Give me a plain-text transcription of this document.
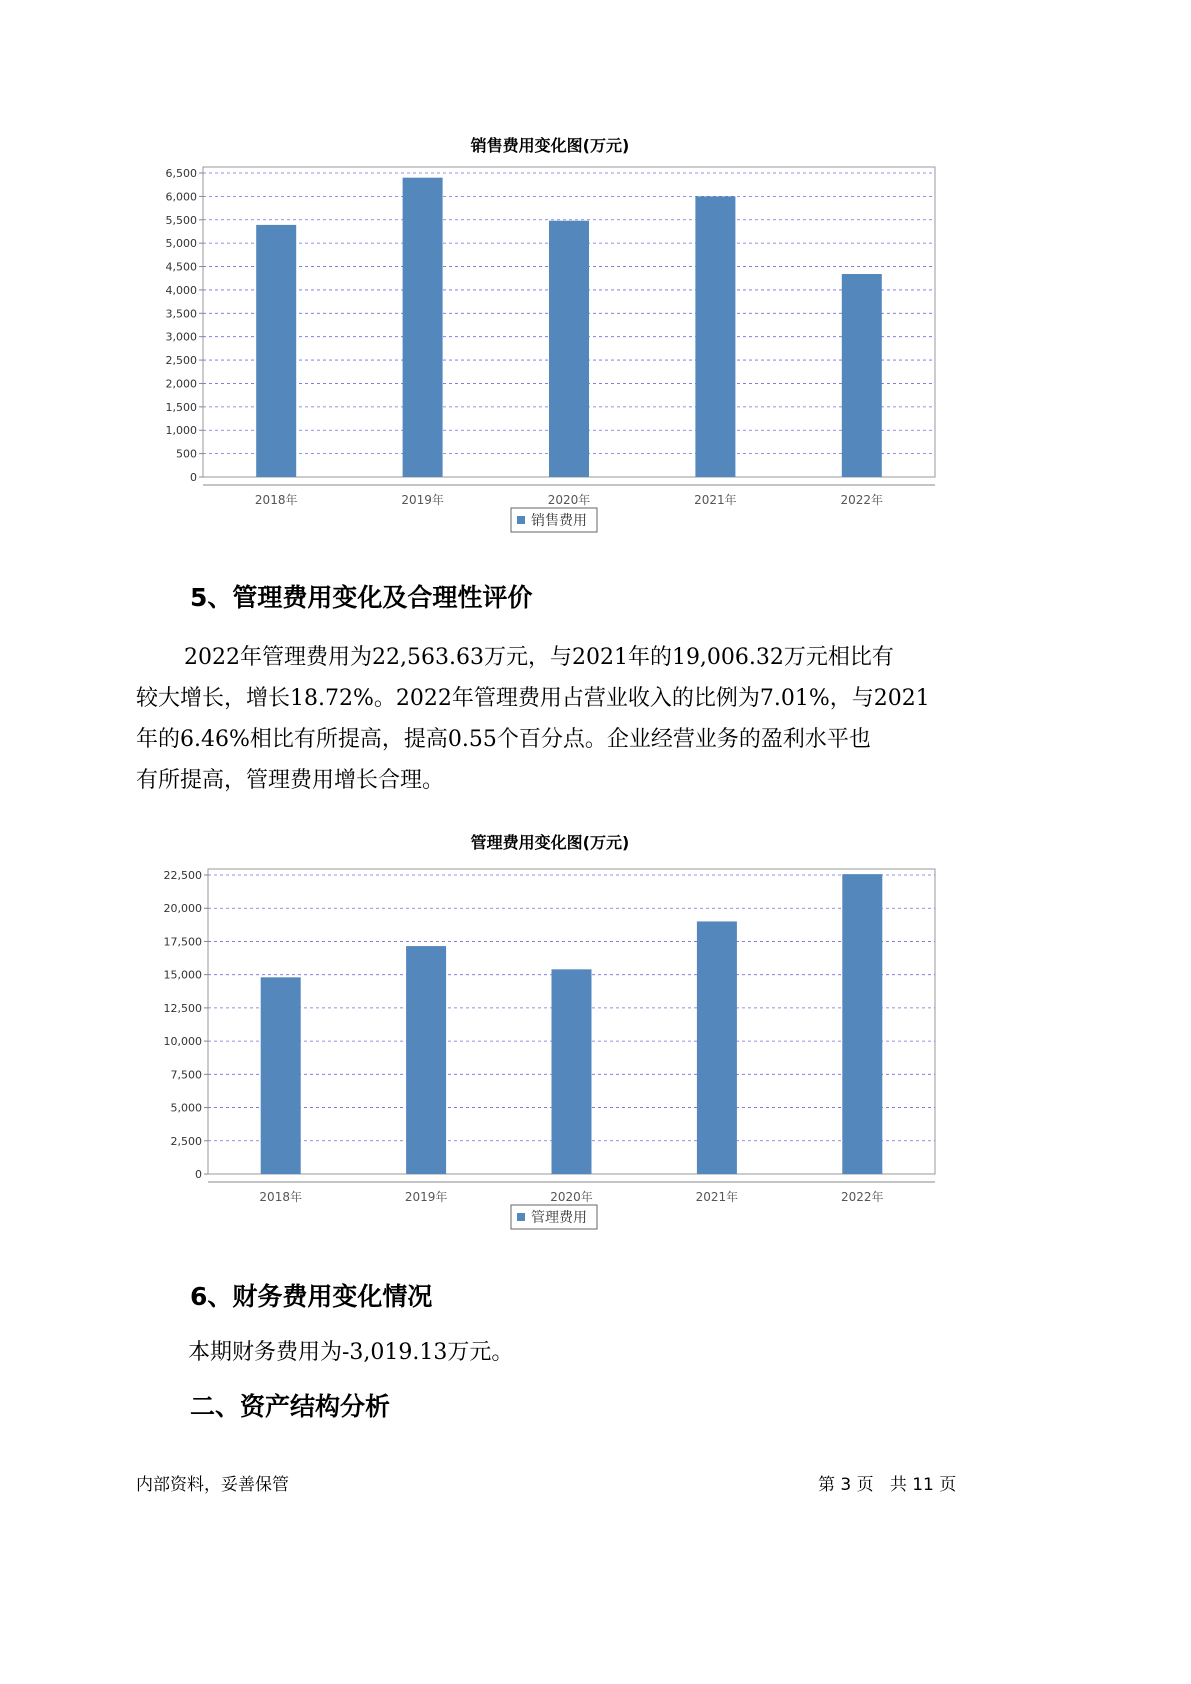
销售费用变化图(万元)
0
500
1,000
1,500
2,000
2,500
3,000
3,500
4,000
4,500
5,000
5,500
6,000
6,500
2018年	2019年	2020年	2021年	2022年
销售费用
5、管理费用变化及合理性评价
2022年管理费用为22,563.63万元，与2021年的19,006.32万元相比有
较大增长，增长18.72%。2022年管理费用占营业收入的比例为7.01%，与2021
年的6.46%相比有所提高，提高0.55个百分点。企业经营业务的盈利水平也
有所提高，管理费用增长合理。
管理费用变化图(万元)
0
2,500
5,000
7,500
10,000
12,500
15,000
17,500
20,000
22,500
2018年	2019年	2020年	2021年	2022年
管理费用
6、财务费用变化情况
本期财务费用为-3,019.13万元。
二、资产结构分析
内部资料，妥善保管	第 3 页   共 11 页
